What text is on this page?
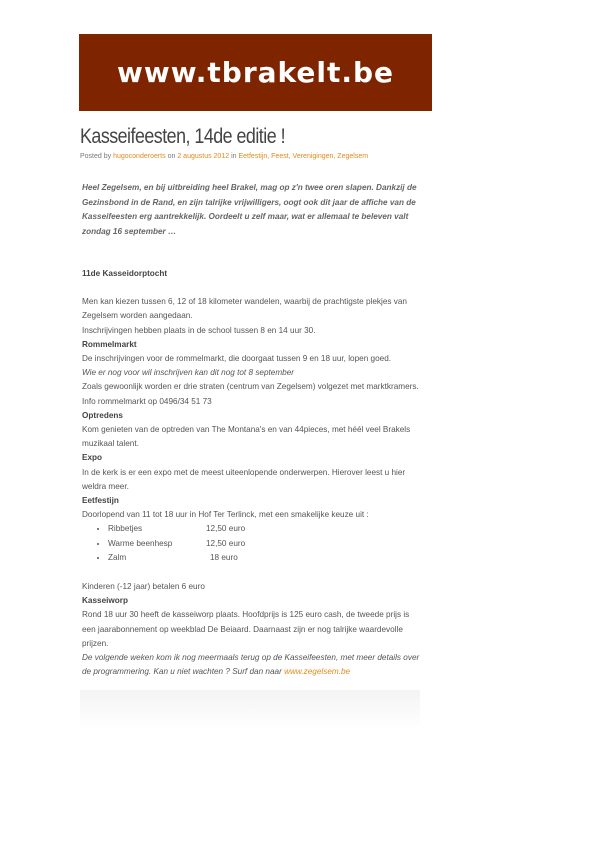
www.tbrakelt.be
Kasseifeesten, 14de editie !
Posted by hugoconderoerts on 2 augustus 2012 in Eetfestijn, Feest, Verenigingen, Zegelsem
Heel Zegelsem, en bij uitbreiding heel Brakel, mag op z'n twee oren slapen. Dankzij de Gezinsbond in de Rand, en zijn talrijke vrijwilligers, oogt ook dit jaar de affiche van de Kasseifeesten erg aantrekkelijk. Oordeelt u zelf maar, wat er allemaal te beleven valt zondag 16 september …
11de Kasseidorptocht
Men kan kiezen tussen 6, 12 of 18 kilometer wandelen, waarbij de prachtigste plekjes van Zegelsem worden aangedaan.
Inschrijvingen hebben plaats in de school tussen 8 en 14 uur 30.
Rommelmarkt
De inschrijvingen voor de rommelmarkt, die doorgaat tussen 9 en 18 uur, lopen goed.
Wie er nog voor wil inschrijven kan dit nog tot 8 september
Zoals gewoonlijk worden er drie straten (centrum van Zegelsem) volgezet met marktkramers.
Info rommelmarkt op 0496/34 51 73
Optredens
Kom genieten van de optreden van The Montana's en van 44pieces, met héél veel Brakels muzikaal talent.
Expo
In de kerk is er een expo met de meest uiteenlopende onderwerpen. Hierover leest u hier weldra meer.
Eetfestijn
Doorlopend van 11 tot 18 uur in Hof Ter Terlinck, met een smakelijke keuze uit :
• Ribbetjes	12,50 euro
• Warme beenhesp	12,50 euro
• Zalm	18 euro
Kinderen (-12 jaar) betalen 6 euro
Kasseiworp
Rond 18 uur 30 heeft de kasseiworp plaats. Hoofdprijs is 125 euro cash, de tweede prijs is een jaarabonnement op weekblad De Beiaard. Daarnaast zijn er nog talrijke waardevolle prijzen.
De volgende weken kom ik nog meermaals terug op de Kasseifeesten, met meer details over de programmering. Kan u niet wachten ? Surf dan naar www.zegelsem.be
